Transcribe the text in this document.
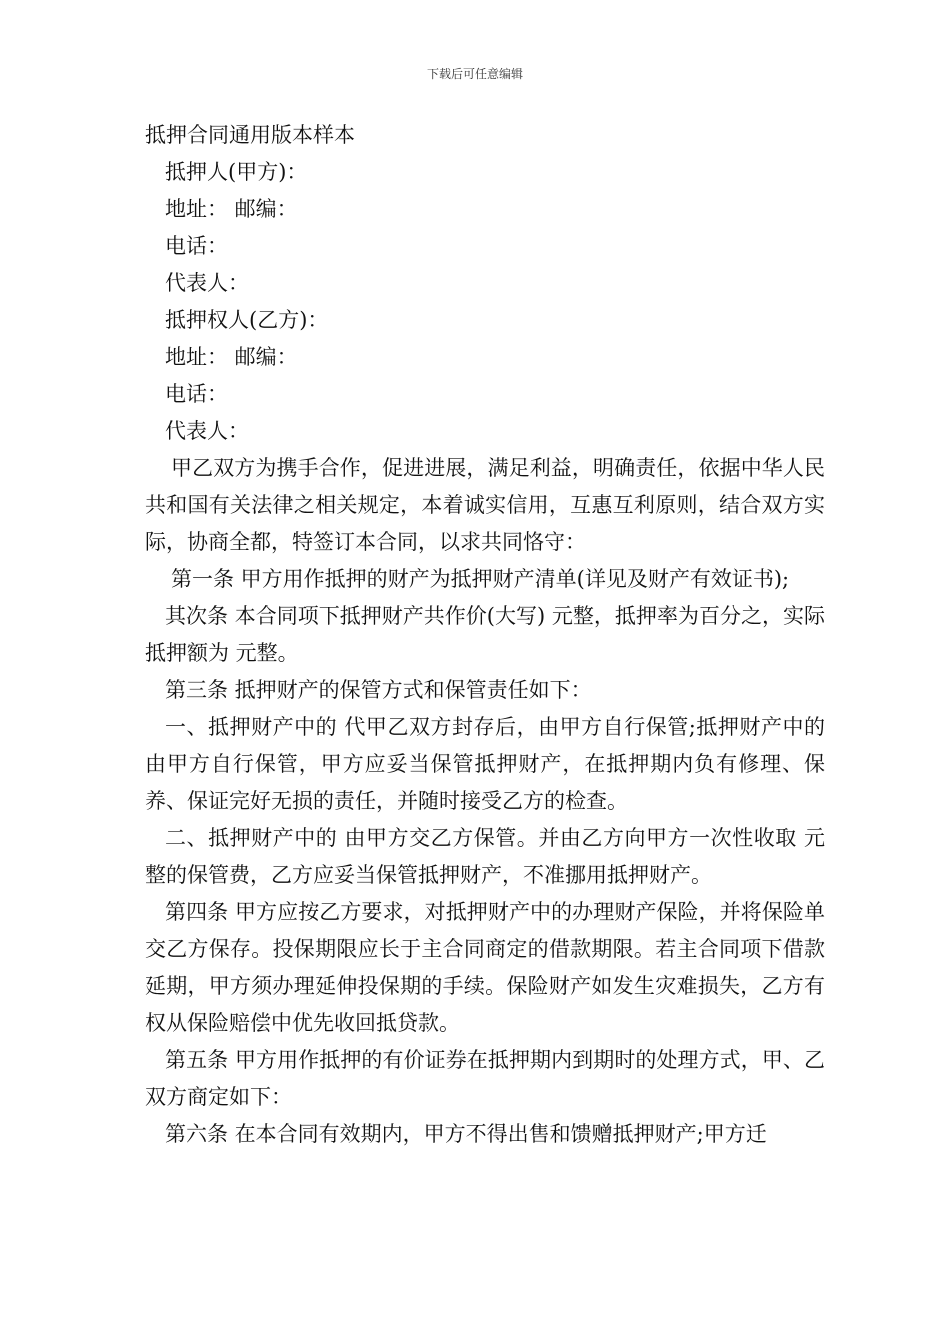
下载后可任意编辑
抵押合同通用版本样本
抵押人(甲方)：
地址： 邮编：
电话：
代表人：
抵押权人(乙方)：
地址： 邮编：
电话：
代表人：

甲乙双方为携手合作，促进进展，满足利益，明确责任，依据中华人民共和国有关法律之相关规定，本着诚实信用，互惠互利原则，结合双方实际，协商全都，特签订本合同，以求共同恪守：

第一条 甲方用作抵押的财产为抵押财产清单(详见及财产有效证书);

其次条 本合同项下抵押财产共作价(大写) 元整，抵押率为百分之，实际抵押额为 元整。

第三条 抵押财产的保管方式和保管责任如下：

一、抵押财产中的 代甲乙双方封存后，由甲方自行保管;抵押财产中的由甲方自行保管，甲方应妥当保管抵押财产，在抵押期内负有修理、保养、保证完好无损的责任，并随时接受乙方的检查。

二、抵押财产中的 由甲方交乙方保管。并由乙方向甲方一次性收取 元整的保管费，乙方应妥当保管抵押财产，不准挪用抵押财产。

第四条 甲方应按乙方要求，对抵押财产中的办理财产保险，并将保险单交乙方保存。投保期限应长于主合同商定的借款期限。若主合同项下借款延期，甲方须办理延伸投保期的手续。保险财产如发生灾难损失，乙方有权从保险赔偿中优先收回抵贷款。

第五条 甲方用作抵押的有价证券在抵押期内到期时的处理方式，甲、乙双方商定如下：

第六条 在本合同有效期内，甲方不得出售和馈赠抵押财产;甲方迁
